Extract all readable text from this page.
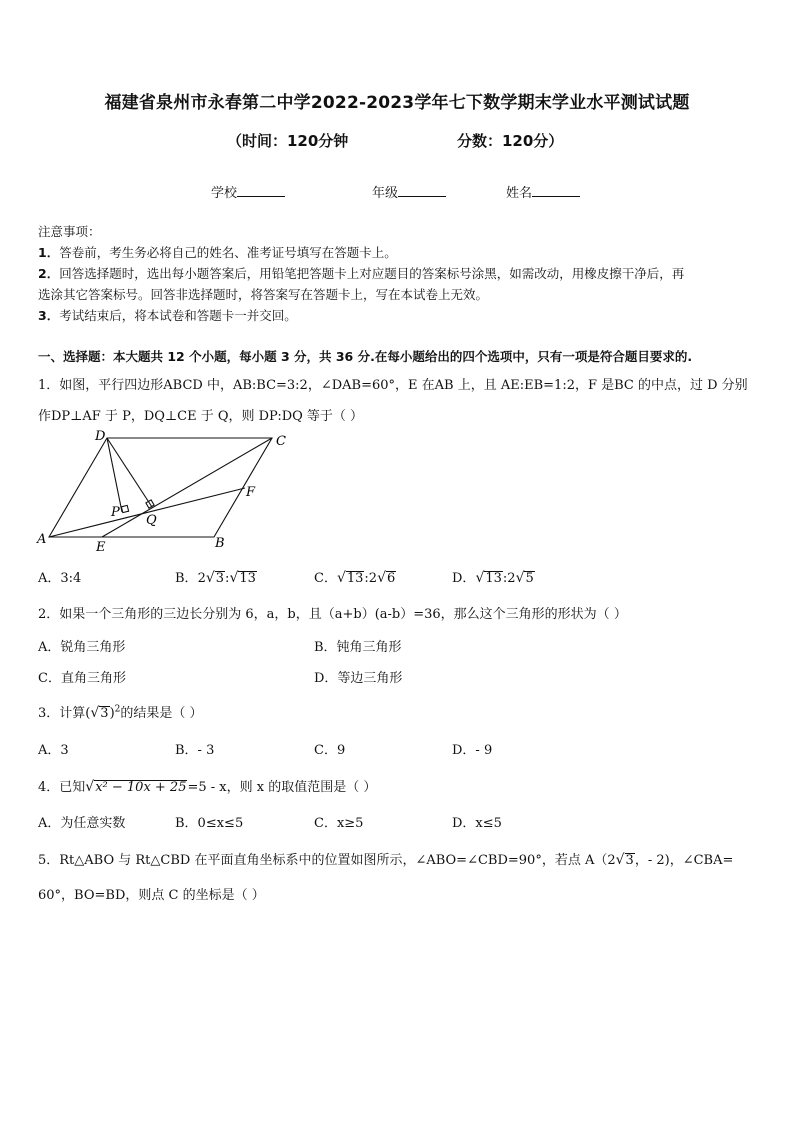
福建省泉州市永春第二中学2022-2023学年七下数学期末学业水平测试试题
（时间：120分钟	分数：120分）
学校	年级	姓名
注意事项：
1．答卷前，考生务必将自己的姓名、准考证号填写在答题卡上。
2．回答选择题时，选出每小题答案后，用铅笔把答题卡上对应题目的答案标号涂黑，如需改动，用橡皮擦干净后，再
选涂其它答案标号。回答非选择题时，将答案写在答题卡上，写在本试卷上无效。
3．考试结束后，将本试卷和答题卡一并交回。
一、选择题：本大题共 12 个小题，每小题 3 分，共 36 分.在每小题给出的四个选项中，只有一项是符合题目要求的.
1．如图，平行四边形ABCD 中，AB:BC=3:2，∠DAB=60°，E 在AB 上，且 AE:EB=1:2，F 是BC 的中点，过 D 分别
作DP⊥AF 于 P，DQ⊥CE 于 Q，则 DP:DQ 等于（ ）
D	C
F
P
Q
A
E	B
A．3:4	B．2√3:√13	C．√13:2√6	D．√13:2√5
2．如果一个三角形的三边长分别为 6，a，b，且（a+b）(a-b）=36，那么这个三角形的形状为（ ）
A．锐角三角形	B．钝角三角形
C．直角三角形	D．等边三角形
3．计算$(√3)^2$的结果是（ ）
A．3	B．- 3	C．9	D．- 9
4．已知√x² − 10x + 25=5 - x，则 x 的取值范围是（ ）
A．为任意实数	B．0≤x≤5	C．x≥5	D．x≤5
5．Rt△ABO 与 Rt△CBD 在平面直角坐标系中的位置如图所示，∠ABO=∠CBD=90°，若点 A（2√3，- 2)，∠CBA=
60°，BO=BD，则点 C 的坐标是（ ）
